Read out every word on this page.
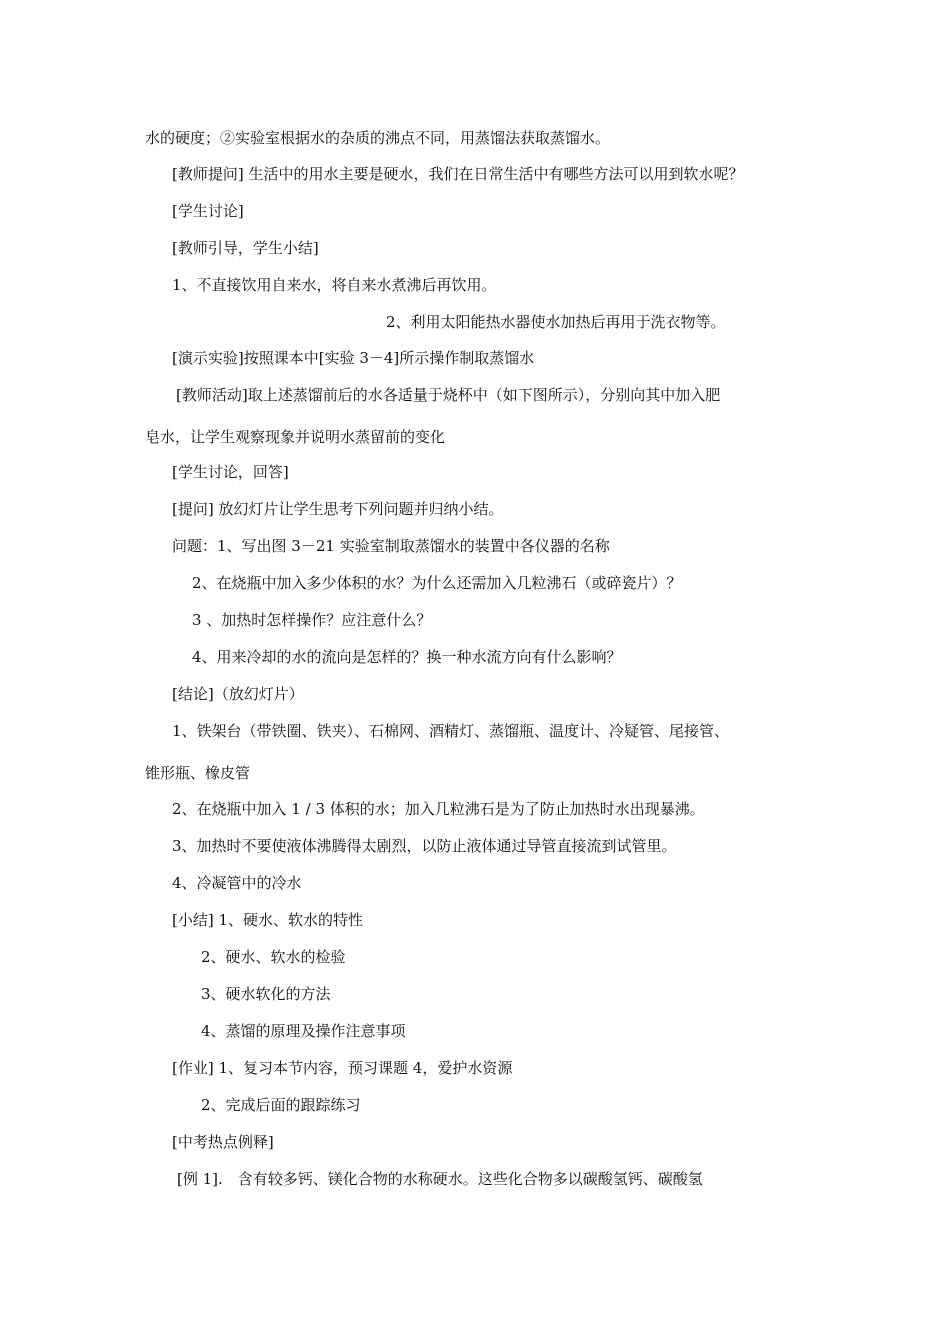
水的硬度；②实验室根据水的杂质的沸点不同，用蒸馏法获取蒸馏水。
[教师提问] 生活中的用水主要是硬水，我们在日常生活中有哪些方法可以用到软水呢？
[学生讨论]
[教师引导，学生小结]
1、不直接饮用自来水，将自来水煮沸后再饮用。
2、利用太阳能热水器使水加热后再用于洗衣物等。
[演示实验]按照课本中[实验 3－4]所示操作制取蒸馏水
[教师活动]取上述蒸馏前后的水各适量于烧杯中（如下图所示），分别向其中加入肥
皂水，让学生观察现象并说明水蒸留前的变化
[学生讨论，回答]
[提问] 放幻灯片让学生思考下列问题并归纳小结。
问题：1、写出图 3－21 实验室制取蒸馏水的装置中各仪器的名称
2、在烧瓶中加入多少体积的水？为什么还需加入几粒沸石（或碎瓷片）？
3 、加热时怎样操作？应注意什么？
4、用来冷却的水的流向是怎样的？换一种水流方向有什么影响？
[结论]（放幻灯片）
1、铁架台（带铁圈、铁夹）、石棉网、酒精灯、蒸馏瓶、温度计、冷疑管、尾接管、
锥形瓶、橡皮管
2、在烧瓶中加入 1 / 3 体积的水；加入几粒沸石是为了防止加热时水出现暴沸。
3、加热时不要使液体沸腾得太剧烈，以防止液体通过导管直接流到试管里。
4、冷凝管中的冷水
[小结] 1、硬水、软水的特性
2、硬水、软水的检验
3、硬水软化的方法
4、蒸馏的原理及操作注意事项
[作业] 1、复习本节内容，预习课题 4，爱护水资源
2、完成后面的跟踪练习
[中考热点例释]
[例 1].　含有较多钙、镁化合物的水称硬水。这些化合物多以碳酸氢钙、碳酸氢
